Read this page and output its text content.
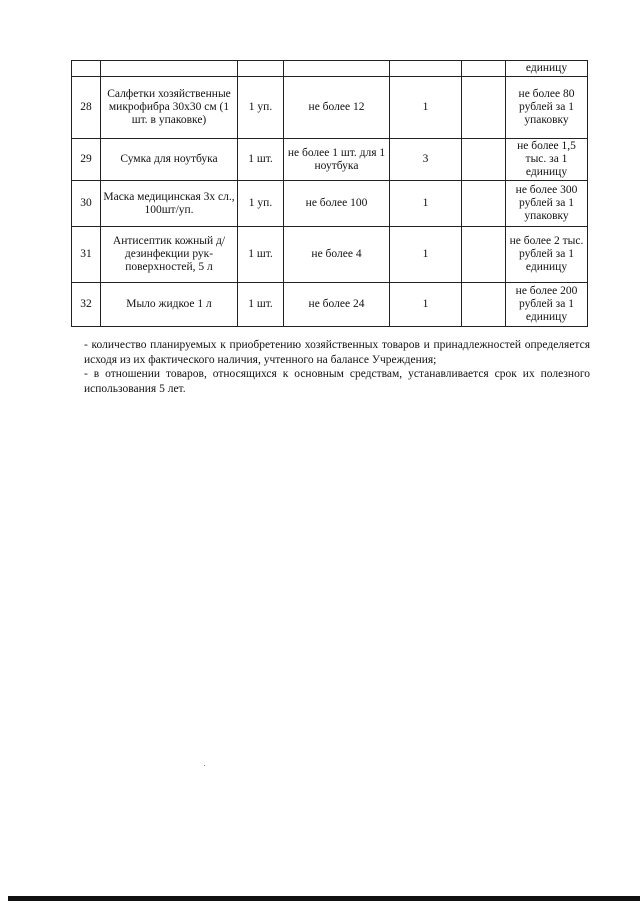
						единицу
28	Салфетки хозяйственные микрофибра 30х30 см (1 шт. в упаковке)	1 уп.	не более 12	1		не более 80 рублей за 1 упаковку
29	Сумка для ноутбука	1 шт.	не более 1 шт. для 1 ноутбука	3		не более 1,5 тыс. за 1 единицу
30	Маска медицинская 3х сл., 100шт/уп.	1 уп.	не более 100	1		не более 300 рублей за 1 упаковку
31	Антисептик кожный д/дезинфекции рук-поверхностей, 5 л	1 шт.	не более 4	1		не более 2 тыс. рублей за 1 единицу
32	Мыло жидкое 1 л	1 шт.	не более 24	1		не более 200 рублей за 1 единицу

- количество планируемых к приобретению хозяйственных товаров и принадлежностей определяется исходя из их фактического наличия, учтенного на балансе Учреждения;

- в отношении товаров, относящихся к основным средствам, устанавливается срок их полезного использования 5 лет.
